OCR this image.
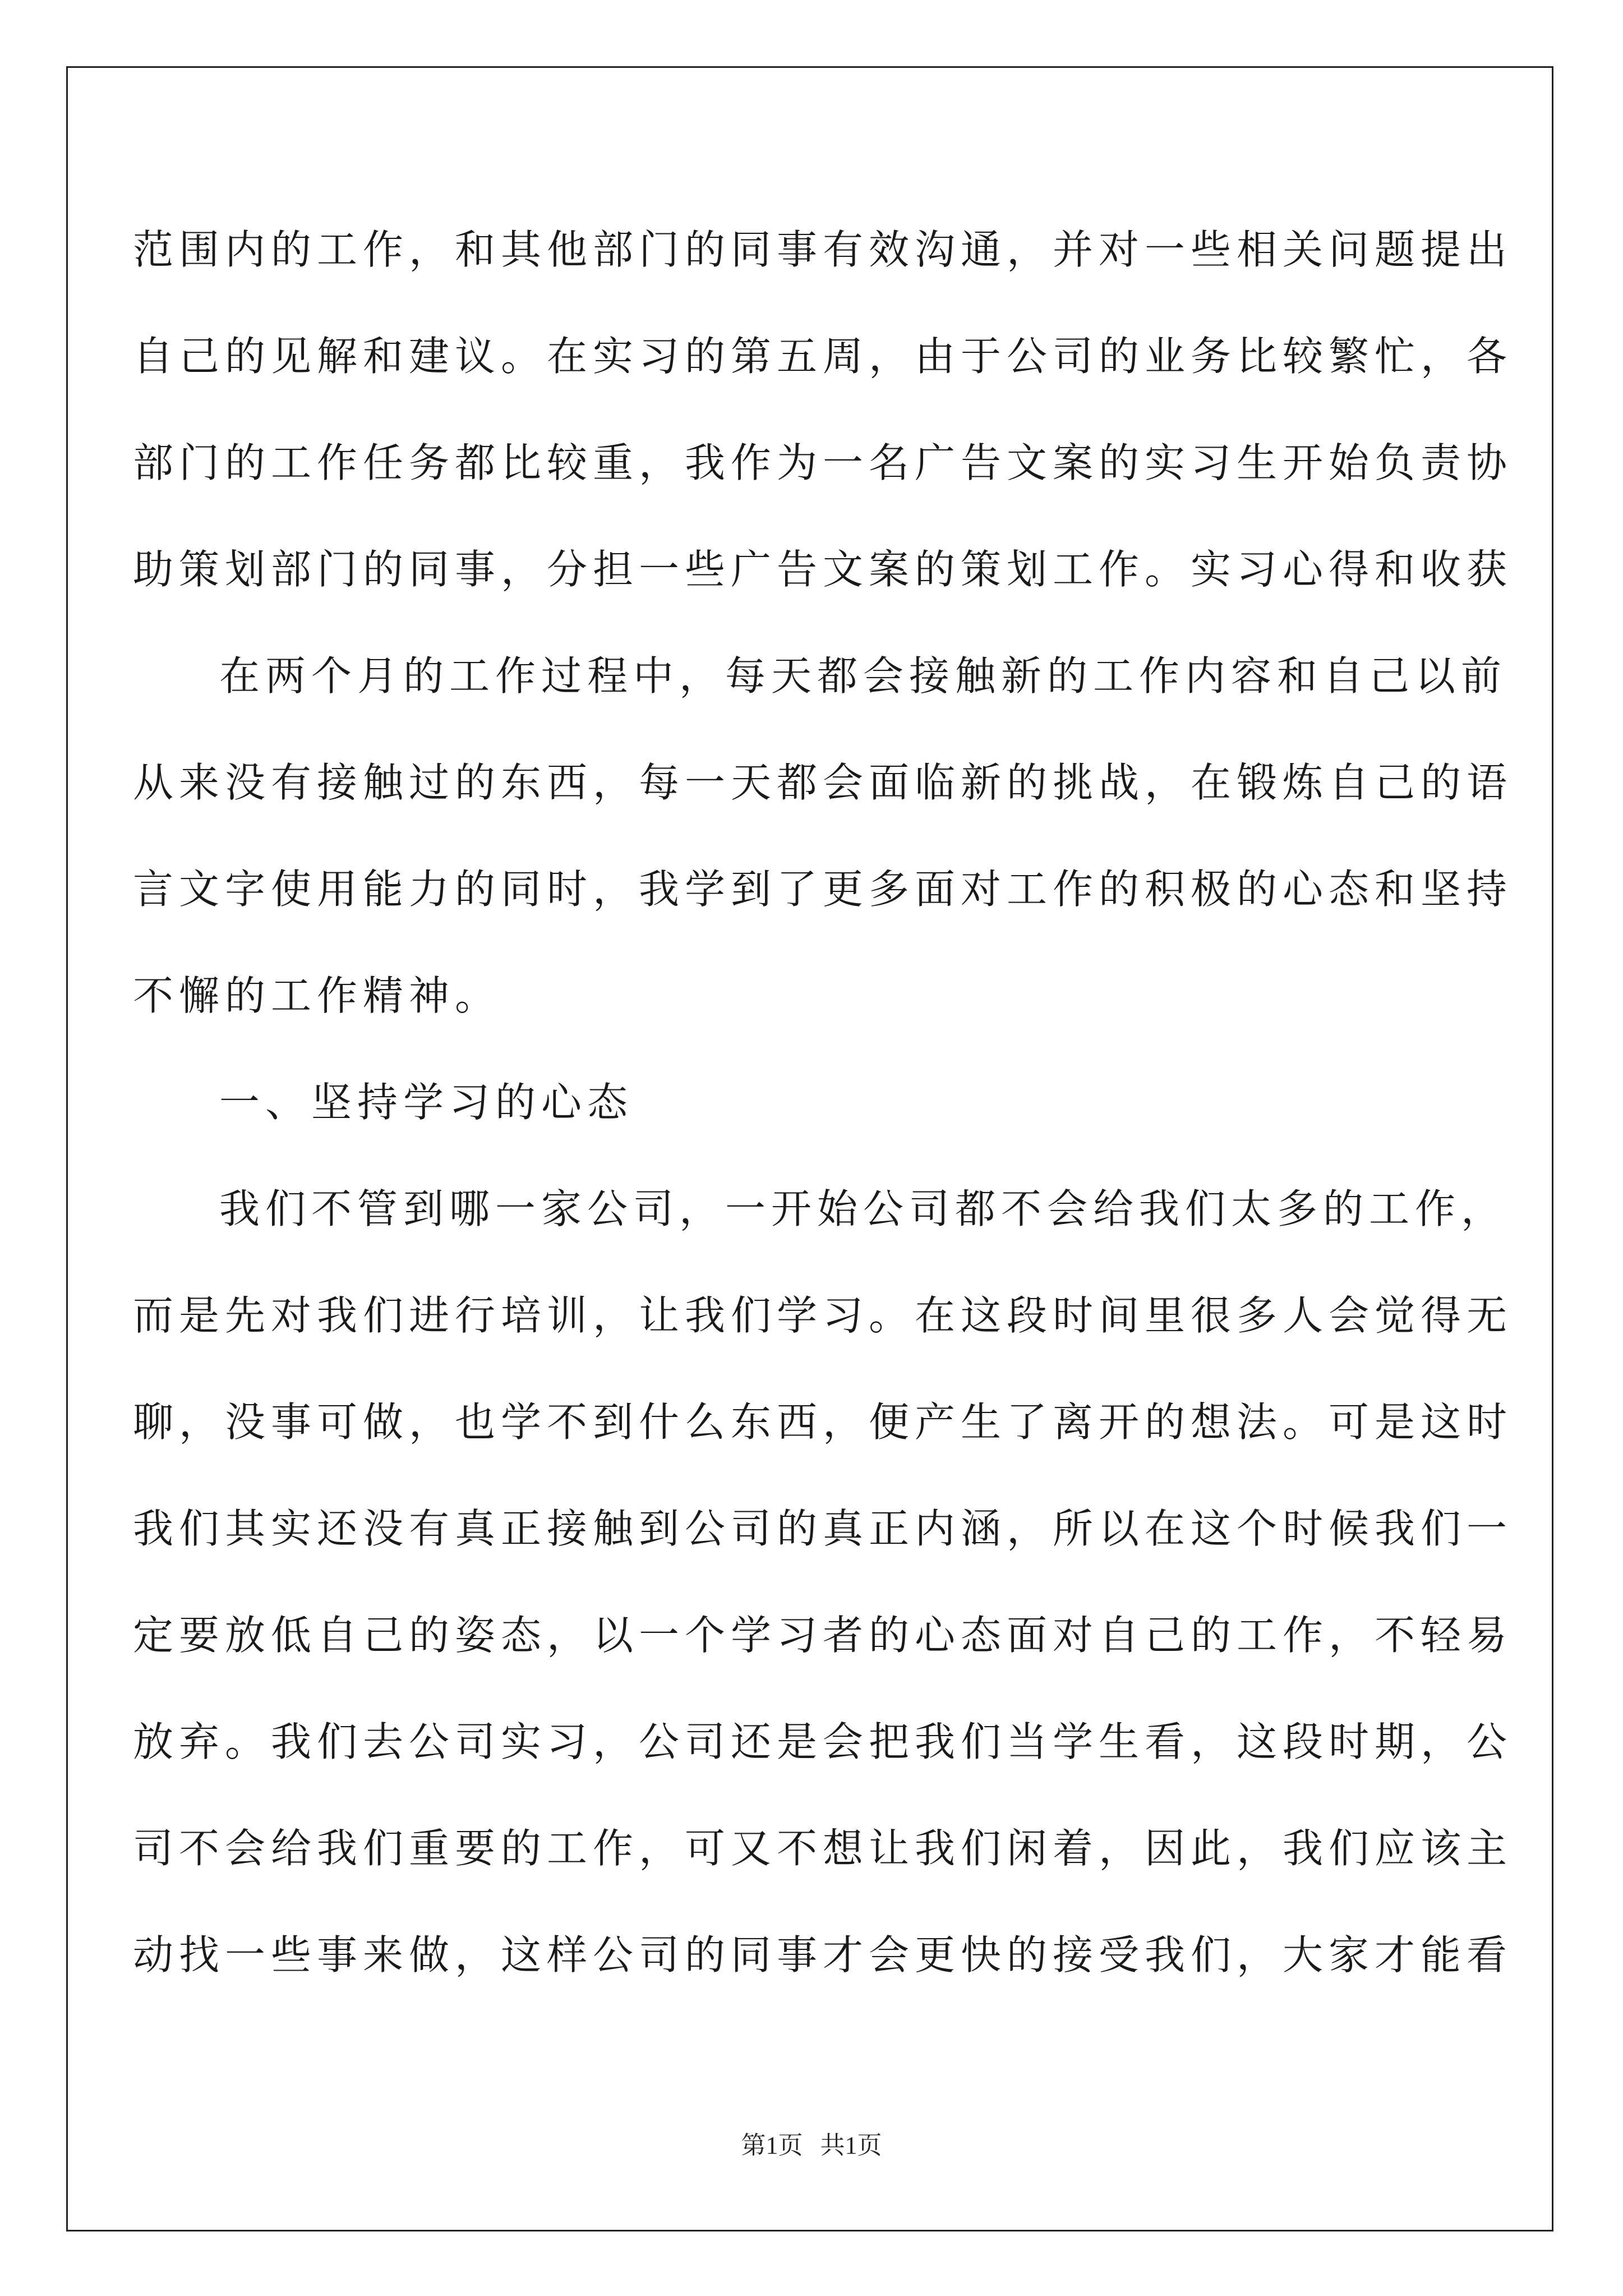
范围内的工作，和其他部门的同事有效沟通，并对一些相关问题提出
自己的见解和建议。在实习的第五周，由于公司的业务比较繁忙，各
部门的工作任务都比较重，我作为一名广告文案的实习生开始负责协
助策划部门的同事，分担一些广告文案的策划工作。实习心得和收获
在两个月的工作过程中，每天都会接触新的工作内容和自己以前
从来没有接触过的东西，每一天都会面临新的挑战，在锻炼自己的语
言文字使用能力的同时，我学到了更多面对工作的积极的心态和坚持
不懈的工作精神。
一、坚持学习的心态
我们不管到哪一家公司，一开始公司都不会给我们太多的工作，
而是先对我们进行培训，让我们学习。在这段时间里很多人会觉得无
聊，没事可做，也学不到什么东西，便产生了离开的想法。可是这时
我们其实还没有真正接触到公司的真正内涵，所以在这个时候我们一
定要放低自己的姿态，以一个学习者的心态面对自己的工作，不轻易
放弃。我们去公司实习，公司还是会把我们当学生看，这段时期，公
司不会给我们重要的工作，可又不想让我们闲着，因此，我们应该主
动找一些事来做，这样公司的同事才会更快的接受我们，大家才能看
第1页 共1页
